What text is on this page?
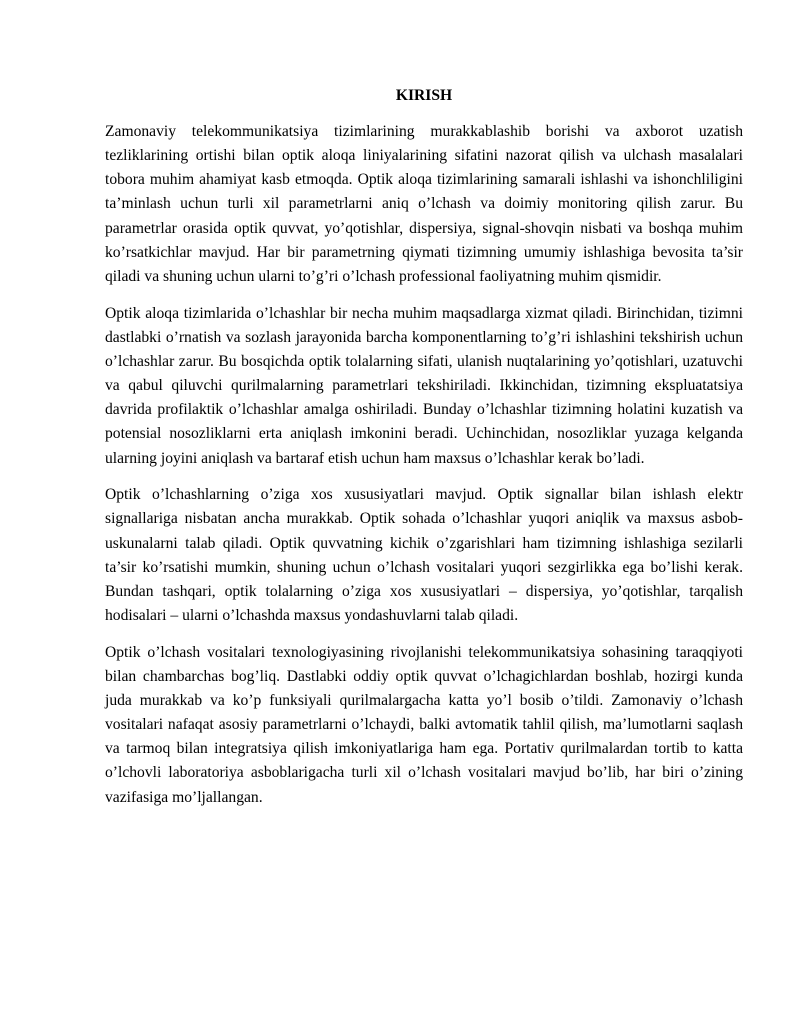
KIRISH

Zamonaviy telekommunikatsiya tizimlarining murakkablashib borishi va axborot uzatish tezliklarining ortishi bilan optik aloqa liniyalarining sifatini nazorat qilish va ulchash masalalari tobora muhim ahamiyat kasb etmoqda. Optik aloqa tizimlarining samarali ishlashi va ishonchliligini ta’minlash uchun turli xil parametrlarni aniq o’lchash va doimiy monitoring qilish zarur. Bu parametrlar orasida optik quvvat, yo’qotishlar, dispersiya, signal-shovqin nisbati va boshqa muhim ko’rsatkichlar mavjud. Har bir parametrning qiymati tizimning umumiy ishlashiga bevosita ta’sir qiladi va shuning uchun ularni to’g’ri o’lchash professional faoliyatning muhim qismidir.

Optik aloqa tizimlarida o’lchashlar bir necha muhim maqsadlarga xizmat qiladi. Birinchidan, tizimni dastlabki o’rnatish va sozlash jarayonida barcha komponentlarning to’g’ri ishlashini tekshirish uchun o’lchashlar zarur. Bu bosqichda optik tolalarning sifati, ulanish nuqtalarining yo’qotishlari, uzatuvchi va qabul qiluvchi qurilmalarning parametrlari tekshiriladi. Ikkinchidan, tizimning ekspluatatsiya davrida profilaktik o’lchashlar amalga oshiriladi. Bunday o’lchashlar tizimning holatini kuzatish va potensial nosozliklarni erta aniqlash imkonini beradi. Uchinchidan, nosozliklar yuzaga kelganda ularning joyini aniqlash va bartaraf etish uchun ham maxsus o’lchashlar kerak bo’ladi.

Optik o’lchashlarning o’ziga xos xususiyatlari mavjud. Optik signallar bilan ishlash elektr signallariga nisbatan ancha murakkab. Optik sohada o’lchashlar yuqori aniqlik va maxsus asbob-uskunalarni talab qiladi. Optik quvvatning kichik o’zgarishlari ham tizimning ishlashiga sezilarli ta’sir ko’rsatishi mumkin, shuning uchun o’lchash vositalari yuqori sezgirlikka ega bo’lishi kerak. Bundan tashqari, optik tolalarning o’ziga xos xususiyatlari – dispersiya, yo’qotishlar, tarqalish hodisalari – ularni o’lchashda maxsus yondashuvlarni talab qiladi.

Optik o’lchash vositalari texnologiyasining rivojlanishi telekommunikatsiya sohasining taraqqiyoti bilan chambarchas bog’liq. Dastlabki oddiy optik quvvat o’lchagichlardan boshlab, hozirgi kunda juda murakkab va ko’p funksiyali qurilmalargacha katta yo’l bosib o’tildi. Zamonaviy o’lchash vositalari nafaqat asosiy parametrlarni o’lchaydi, balki avtomatik tahlil qilish, ma’lumotlarni saqlash va tarmoq bilan integratsiya qilish imkoniyatlariga ham ega. Portativ qurilmalardan tortib to katta o’lchovli laboratoriya asboblarigacha turli xil o’lchash vositalari mavjud bo’lib, har biri o’zining vazifasiga mo’ljallangan.
